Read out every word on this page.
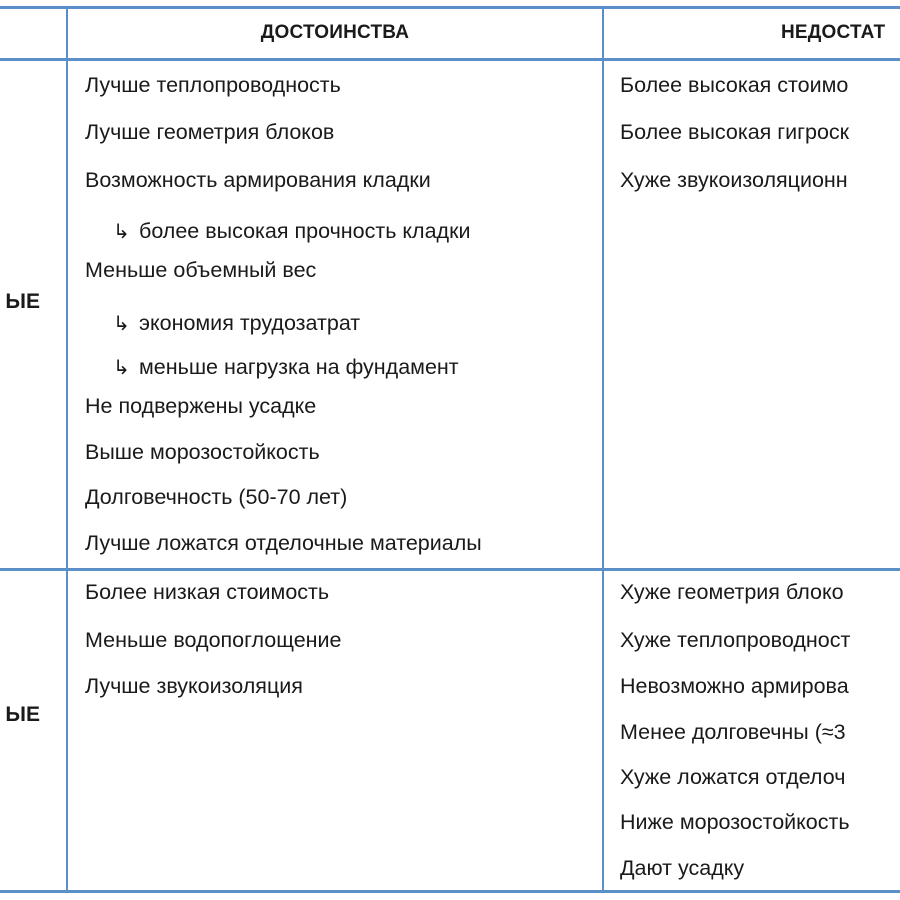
ДОСТОИНСТВА	НЕДОСТАТ
ЫЕ
ЫЕ
Лучше теплопроводность
Лучше геометрия блоков
Возможность армирования кладки
↳ более высокая прочность кладки
Меньше объемный вес
↳ экономия трудозатрат
↳ меньше нагрузка на фундамент
Не подвержены усадке
Выше морозостойкость
Долговечность (50-70 лет)
Лучше ложатся отделочные материалы
Более высокая стоимо
Более высокая гигроск
Хуже звукоизоляционн
Более низкая стоимость
Меньше водопоглощение
Лучше звукоизоляция
Хуже геометрия блоко
Хуже теплопроводност
Невозможно армирова
Менее долговечны (≈3
Хуже ложатся отделоч
Ниже морозостойкость
Дают усадку
